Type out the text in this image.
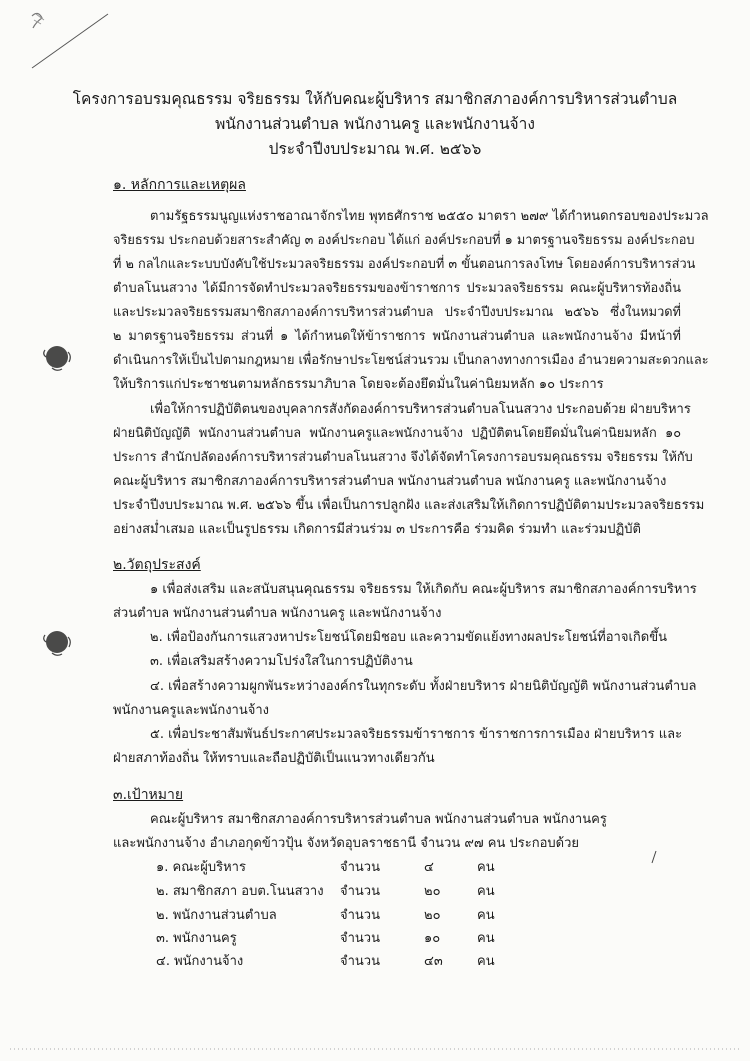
โครงการอบรมคุณธรรม จริยธรรม ให้กับคณะผู้บริหาร สมาชิกสภาองค์การบริหารส่วนตำบล
พนักงานส่วนตำบล พนักงานครู และพนักงานจ้าง
ประจำปีงบประมาณ พ.ศ. ๒๕๖๖
๑. หลักการและเหตุผล
ตามรัฐธรรมนูญแห่งราชอาณาจักรไทย พุทธศักราช ๒๕๕๐ มาตรา ๒๗๙ ได้กำหนดกรอบของประมวล
จริยธรรม ประกอบด้วยสาระสำคัญ ๓ องค์ประกอบ ได้แก่ องค์ประกอบที่ ๑ มาตรฐานจริยธรรม องค์ประกอบ
ที่ ๒ กลไกและระบบบังคับใช้ประมวลจริยธรรม องค์ประกอบที่ ๓ ขั้นตอนการลงโทษ โดยองค์การบริหารส่วน
ตำบลโนนสวาง ได้มีการจัดทำประมวลจริยธรรมของข้าราชการ ประมวลจริยธรรม คณะผู้บริหารท้องถิ่น
และประมวลจริยธรรมสมาชิกสภาองค์การบริหารส่วนตำบล ประจำปีงบประมาณ ๒๕๖๖ ซึ่งในหมวดที่
๒ มาตรฐานจริยธรรม ส่วนที่ ๑ ได้กำหนดให้ข้าราชการ พนักงานส่วนตำบล และพนักงานจ้าง มีหน้าที่
ดำเนินการให้เป็นไปตามกฎหมาย เพื่อรักษาประโยชน์ส่วนรวม เป็นกลางทางการเมือง อำนวยความสะดวกและ
ให้บริการแก่ประชาชนตามหลักธรรมาภิบาล โดยจะต้องยึดมั่นในค่านิยมหลัก ๑๐ ประการ
เพื่อให้การปฏิบัติตนของบุคลากรสังกัดองค์การบริหารส่วนตำบลโนนสวาง ประกอบด้วย ฝ่ายบริหาร
ฝ่ายนิติบัญญัติ พนักงานส่วนตำบล พนักงานครูและพนักงานจ้าง ปฏิบัติตนโดยยึดมั่นในค่านิยมหลัก ๑๐
ประการ สำนักปลัดองค์การบริหารส่วนตำบลโนนสวาง จึงได้จัดทำโครงการอบรมคุณธรรม จริยธรรม ให้กับ
คณะผู้บริหาร สมาชิกสภาองค์การบริหารส่วนตำบล พนักงานส่วนตำบล พนักงานครู และพนักงานจ้าง
ประจำปีงบประมาณ พ.ศ. ๒๕๖๖ ขึ้น เพื่อเป็นการปลูกฝัง และส่งเสริมให้เกิดการปฏิบัติตามประมวลจริยธรรม
อย่างสม่ำเสมอ และเป็นรูปธรรม เกิดการมีส่วนร่วม ๓ ประการคือ ร่วมคิด ร่วมทำ และร่วมปฏิบัติ
๒.วัตถุประสงค์
๑ เพื่อส่งเสริม และสนับสนุนคุณธรรม จริยธรรม ให้เกิดกับ คณะผู้บริหาร สมาชิกสภาองค์การบริหาร
ส่วนตำบล พนักงานส่วนตำบล พนักงานครู และพนักงานจ้าง
๒. เพื่อป้องกันการแสวงหาประโยชน์โดยมิชอบ และความขัดแย้งทางผลประโยชน์ที่อาจเกิดขึ้น
๓. เพื่อเสริมสร้างความโปร่งใสในการปฏิบัติงาน
๔. เพื่อสร้างความผูกพันระหว่างองค์กรในทุกระดับ ทั้งฝ่ายบริหาร ฝ่ายนิติบัญญัติ พนักงานส่วนตำบล
พนักงานครูและพนักงานจ้าง
๕. เพื่อประชาสัมพันธ์ประกาศประมวลจริยธรรมข้าราชการ ข้าราชการการเมือง ฝ่ายบริหาร และ
ฝ่ายสภาท้องถิ่น ให้ทราบและถือปฏิบัติเป็นแนวทางเดียวกัน
๓.เป้าหมาย
คณะผู้บริหาร สมาชิกสภาองค์การบริหารส่วนตำบล พนักงานส่วนตำบล พนักงานครู
และพนักงานจ้าง อำเภอกุดข้าวปุ้น จังหวัดอุบลราชธานี จำนวน ๙๗ คน ประกอบด้วย
๑. คณะผู้บริหาร	จำนวน	๔	คน
๒. สมาชิกสภา อบต.โนนสวาง จำนวน	๒๐	คน
๒. พนักงานส่วนตำบล	จำนวน	๒๐	คน
๓. พนักงานครู	จำนวน	๑๐	คน
๔. พนักงานจ้าง	จำนวน	๔๓	คน
